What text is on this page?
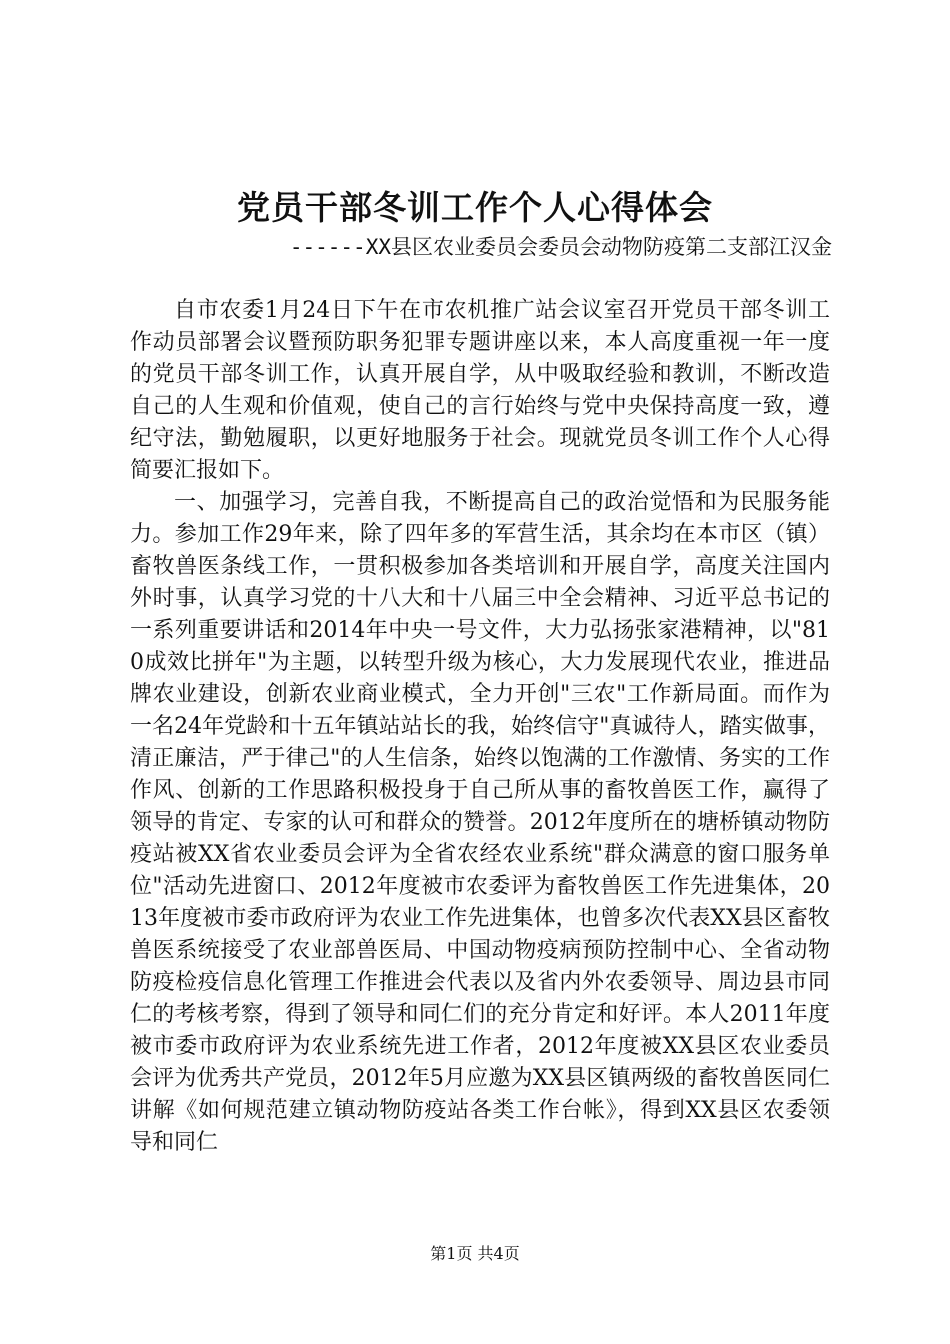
党员干部冬训工作个人心得体会
------XX县区农业委员会委员会动物防疫第二支部江汉金

自市农委1月24日下午在市农机推广站会议室召开党员干部冬训工作动员部署会议暨预防职务犯罪专题讲座以来，本人高度重视一年一度的党员干部冬训工作，认真开展自学，从中吸取经验和教训，不断改造自己的人生观和价值观，使自己的言行始终与党中央保持高度一致，遵纪守法，勤勉履职，以更好地服务于社会。现就党员冬训工作个人心得简要汇报如下。

一、加强学习，完善自我，不断提高自己的政治觉悟和为民服务能力。参加工作29年来，除了四年多的军营生活，其余均在本市区（镇）畜牧兽医条线工作，一贯积极参加各类培训和开展自学，高度关注国内外时事，认真学习党的十八大和十八届三中全会精神、习近平总书记的一系列重要讲话和2014年中央一号文件，大力弘扬张家港精神，以"810成效比拼年"为主题，以转型升级为核心，大力发展现代农业，推进品牌农业建设，创新农业商业模式，全力开创"三农"工作新局面。而作为一名24年党龄和十五年镇站站长的我，始终信守"真诚待人，踏实做事，清正廉洁，严于律己"的人生信条，始终以饱满的工作激情、务实的工作作风、创新的工作思路积极投身于自己所从事的畜牧兽医工作，赢得了领导的肯定、专家的认可和群众的赞誉。2012年度所在的塘桥镇动物防疫站被XX省农业委员会评为全省农经农业系统"群众满意的窗口服务单位"活动先进窗口、2012年度被市农委评为畜牧兽医工作先进集体，2013年度被市委市政府评为农业工作先进集体，也曾多次代表XX县区畜牧兽医系统接受了农业部兽医局、中国动物疫病预防控制中心、全省动物防疫检疫信息化管理工作推进会代表以及省内外农委领导、周边县市同仁的考核考察，得到了领导和同仁们的充分肯定和好评。本人2011年度被市委市政府评为农业系统先进工作者，2012年度被XX县区农业委员会评为优秀共产党员，2012年5月应邀为XX县区镇两级的畜牧兽医同仁讲解《如何规范建立镇动物防疫站各类工作台帐》，得到XX县区农委领导和同仁

第1页 共4页
